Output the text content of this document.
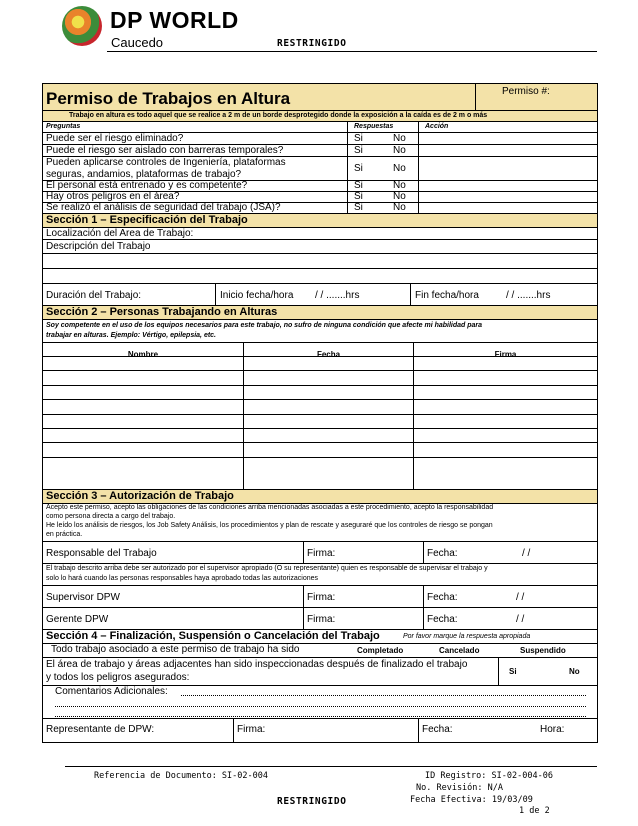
DP WORLD
Caucedo	RESTRINGIDO
Permiso de Trabajos en Altura	Permiso #:
Trabajo en altura es todo aquel que se realice a 2 m de un borde desprotegido donde la exposición a la caída es de 2 m o más
Preguntas	Respuestas	Acción
Puede ser el riesgo eliminado?	Si	No
Puede el riesgo ser aislado con barreras temporales?	Si	No
Pueden aplicarse controles de Ingeniería, plataformas
seguras, andamios, plataformas de trabajo?
Si	No
El personal está entrenado y es competente?	Si	No
Hay otros peligros en el área?	Si	No
Se realizó el análisis de seguridad del trabajo (JSA)?	Si	No
Sección 1 – Especificación del Trabajo
Localización del Area de Trabajo:
Descripción del Trabajo
Duración del Trabajo:	Inicio fecha/hora / / .......hrs	Fin fecha/hora	/ / .......hrs
Sección 2 – Personas Trabajando en Alturas
Soy competente en el uso de los equipos necesarios para este trabajo, no sufro de ninguna condición que afecte mi habilidad para
trabajar en alturas. Ejemplo: Vértigo, epilepsia, etc.
Nombre	Fecha	Firma
Sección 3 – Autorización de Trabajo
Acepto este permiso, acepto las obligaciones de las condiciones arriba mencionadas asociadas a este procedimiento, acepto la responsabilidad
como persona directa a cargo del trabajo.
He leído los análisis de riesgos, los Job Safety Análisis, los procedimientos y plan de rescate y aseguraré que los controles de riesgo se pongan
en práctica.
Responsable del Trabajo	Firma:	Fecha:	/ /
El trabajo descrito arriba debe ser autorizado por el supervisor apropiado (O su representante) quien es responsable de supervisar el trabajo y
solo lo hará cuando las personas responsables haya aprobado todas las autorizaciones
Supervisor DPW	Firma:	Fecha:	/ /
Gerente DPW	Firma:	Fecha:	/ /
Sección 4 – Finalización, Suspensión o Cancelación del Trabajo	Por favor marque la respuesta apropiada
Todo trabajo asociado a este permiso de trabajo ha sido	Completado	Cancelado	Suspendido
El área de trabajo y áreas adjacentes han sido inspeccionadas después de finalizado el trabajo
y todos los peligros asegurados:
Si	No
Comentarios Adicionales:
Representante de DPW:	Firma:	Fecha:	Hora:
Referencia de Documento: SI-02-004	ID Registro: SI-02-004-06
No. Revisión: N/A
Fecha Efectiva: 19/03/09
RESTRINGIDO
1 de 2
